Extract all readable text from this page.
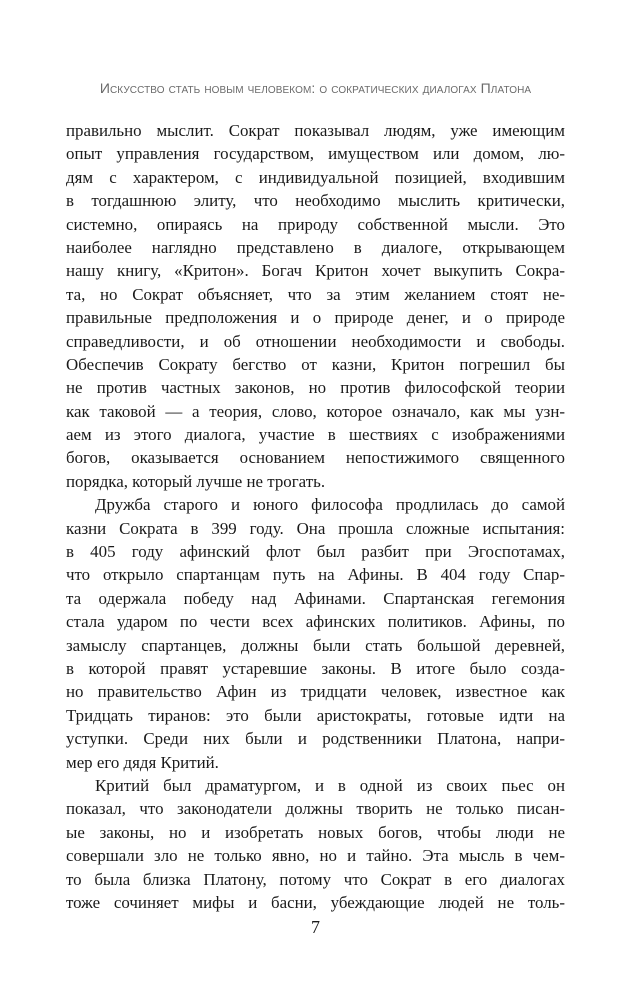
Искусство стать новым человеком: о сократических диалогах Платона
правильно мыслит. Сократ показывал людям, уже имеющим
опыт управления государством, имуществом или домом, лю-
дям с характером, с индивидуальной позицией, входившим
в тогдашнюю элиту, что необходимо мыслить критически,
системно, опираясь на природу собственной мысли. Это
наиболее наглядно представлено в диалоге, открывающем
нашу книгу, «Критон». Богач Критон хочет выкупить Сокра-
та, но Сократ объясняет, что за этим желанием стоят не-
правильные предположения и о природе денег, и о природе
справедливости, и об отношении необходимости и свободы.
Обеспечив Сократу бегство от казни, Критон погрешил бы
не против частных законов, но против философской теории
как таковой — а теория, слово, которое означало, как мы узн-
аем из этого диалога, участие в шествиях с изображениями
богов, оказывается основанием непостижимого священного
порядка, который лучше не трогать.
Дружба старого и юного философа продлилась до самой
казни Сократа в 399 году. Она прошла сложные испытания:
в 405 году афинский флот был разбит при Эгоспотамах,
что открыло спартанцам путь на Афины. В 404 году Спар-
та одержала победу над Афинами. Спартанская гегемония
стала ударом по чести всех афинских политиков. Афины, по
замыслу спартанцев, должны были стать большой деревней,
в которой правят устаревшие законы. В итоге было созда-
но правительство Афин из тридцати человек, известное как
Тридцать тиранов: это были аристократы, готовые идти на
уступки. Среди них были и родственники Платона, напри-
мер его дядя Критий.
Критий был драматургом, и в одной из своих пьес он
показал, что законодатели должны творить не только писан-
ые законы, но и изобретать новых богов, чтобы люди не
совершали зло не только явно, но и тайно. Эта мысль в чем-
то была близка Платону, потому что Сократ в его диалогах
тоже сочиняет мифы и басни, убеждающие людей не толь-
7
